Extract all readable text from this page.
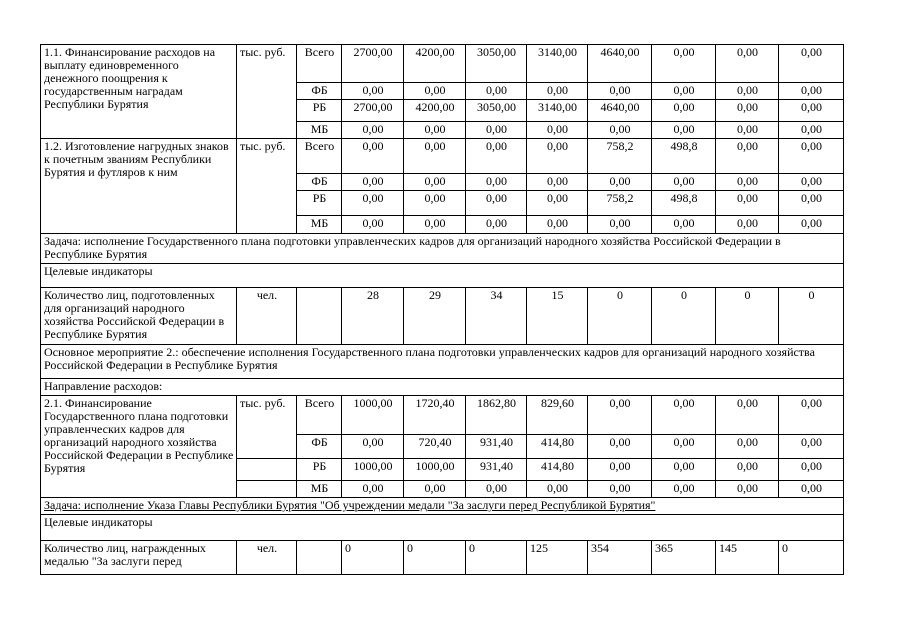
1.1. Финансирование расходов на выплату единовременного денежного поощрения к государственным наградам Республики Бурятия	тыс. руб.	Всего	2700,00	4200,00	3050,00	3140,00	4640,00	0,00	0,00	0,00
		ФБ	0,00	0,00	0,00	0,00	0,00	0,00	0,00	0,00
		РБ	2700,00	4200,00	3050,00	3140,00	4640,00	0,00	0,00	0,00
		МБ	0,00	0,00	0,00	0,00	0,00	0,00	0,00	0,00
1.2. Изготовление нагрудных знаков к почетным званиям Республики Бурятия и футляров к ним	тыс. руб.	Всего	0,00	0,00	0,00	0,00	758,2	498,8	0,00	0,00
		ФБ	0,00	0,00	0,00	0,00	0,00	0,00	0,00	0,00
		РБ	0,00	0,00	0,00	0,00	758,2	498,8	0,00	0,00
		МБ	0,00	0,00	0,00	0,00	0,00	0,00	0,00	0,00
Задача: исполнение Государственного плана подготовки управленческих кадров для организаций народного хозяйства Российской Федерации в Республике Бурятия										
Целевые индикаторы										
Количество лиц, подготовленных для организаций народного хозяйства Российской Федерации в Республике Бурятия	чел.		28	29	34	15	0	0	0	0
Основное мероприятие 2.: обеспечение исполнения Государственного плана подготовки управленческих кадров для организаций народного хозяйства Российской Федерации в Республике Бурятия										
Направление расходов:										
2.1. Финансирование Государственного плана подготовки управленческих кадров для организаций народного хозяйства Российской Федерации в Республике Бурятия	тыс. руб.	Всего	1000,00	1720,40	1862,80	829,60	0,00	0,00	0,00	0,00
		ФБ	0,00	720,40	931,40	414,80	0,00	0,00	0,00	0,00
		РБ	1000,00	1000,00	931,40	414,80	0,00	0,00	0,00	0,00
		МБ	0,00	0,00	0,00	0,00	0,00	0,00	0,00	0,00
Задача: исполнение Указа Главы Республики Бурятия "Об учреждении медали "За заслуги перед Республикой Бурятия"										
Целевые индикаторы										
Количество лиц, награжденных медалью "За заслуги перед	чел.		0	0	0	125	354	365	145	0
